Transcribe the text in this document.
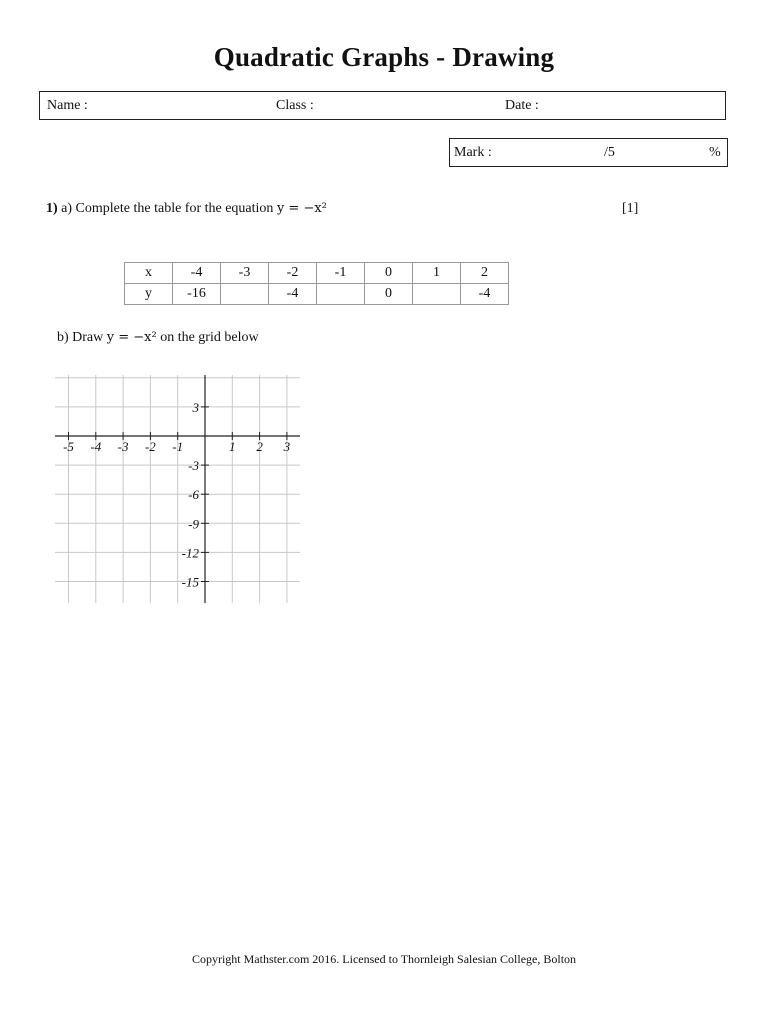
Quadratic Graphs - Drawing
Name :	Class :	Date :
Mark :	/5	%
1) a) Complete the table for the equation y = −x²	[1]
x	-4	-3	-2	-1	0	1	2
y	-16		-4		0		-4
b) Draw y = −x² on the grid below
-5 -4 -3 -2 -1	1 2 3
3
-3
-6
-9
-12
-15
Copyright Mathster.com 2016. Licensed to Thornleigh Salesian College, Bolton
